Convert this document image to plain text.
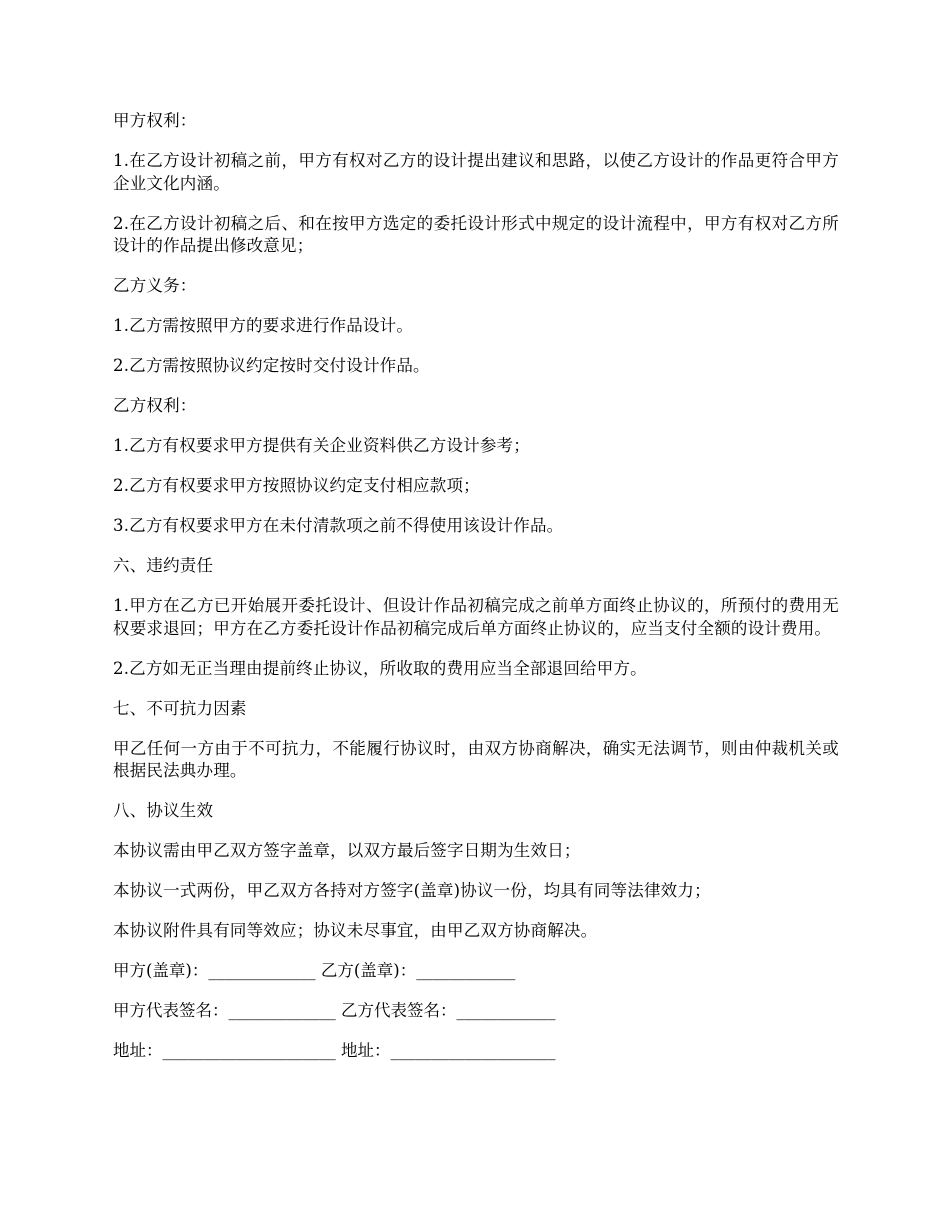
甲方权利：

1.在乙方设计初稿之前，甲方有权对乙方的设计提出建议和思路，以使乙方设计的作品更符合甲方企业文化内涵。

2.在乙方设计初稿之后、和在按甲方选定的委托设计形式中规定的设计流程中，甲方有权对乙方所设计的作品提出修改意见；

乙方义务：

1.乙方需按照甲方的要求进行作品设计。

2.乙方需按照协议约定按时交付设计作品。

乙方权利：

1.乙方有权要求甲方提供有关企业资料供乙方设计参考；

2.乙方有权要求甲方按照协议约定支付相应款项；

3.乙方有权要求甲方在未付清款项之前不得使用该设计作品。

六、违约责任

1.甲方在乙方已开始展开委托设计、但设计作品初稿完成之前单方面终止协议的，所预付的费用无权要求退回；甲方在乙方委托设计作品初稿完成后单方面终止协议的，应当支付全额的设计费用。

2.乙方如无正当理由提前终止协议，所收取的费用应当全部退回给甲方。

七、不可抗力因素

甲乙任何一方由于不可抗力，不能履行协议时，由双方协商解决，确实无法调节，则由仲裁机关或根据民法典办理。

八、协议生效

本协议需由甲乙双方签字盖章，以双方最后签字日期为生效日；

本协议一式两份，甲乙双方各持对方签字(盖章)协议一份，均具有同等法律效力；

本协议附件具有同等效应；协议未尽事宜，由甲乙双方协商解决。

甲方(盖章)：_____________ 乙方(盖章)：____________

甲方代表签名：_____________ 乙方代表签名：____________

地址：_____________________ 地址：____________________
